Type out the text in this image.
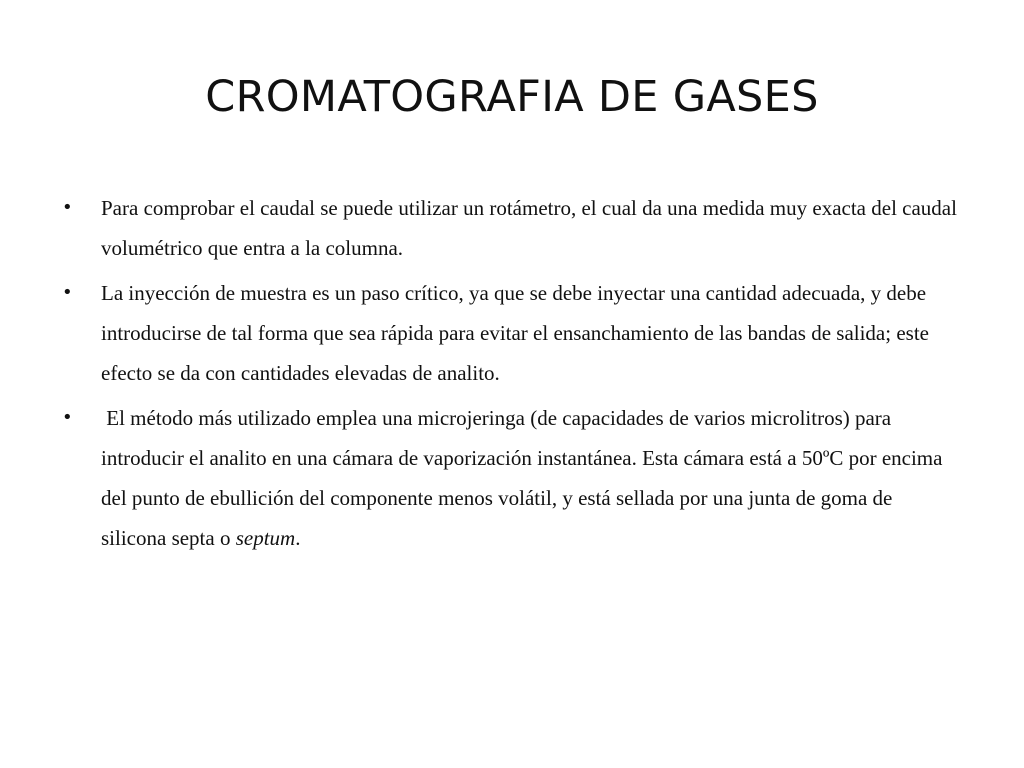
CROMATOGRAFIA DE GASES
• Para comprobar el caudal se puede utilizar un rotámetro, el cual da una medida muy exacta del caudal volumétrico que entra a la columna.
• La inyección de muestra es un paso crítico, ya que se debe inyectar una cantidad adecuada, y debe introducirse de tal forma que sea rápida para evitar el ensanchamiento de las bandas de salida; este efecto se da con cantidades elevadas de analito.
• El método más utilizado emplea una microjeringa (de capacidades de varios microlitros) para introducir el analito en una cámara de vaporización instantánea. Esta cámara está a 50ºC por encima del punto de ebullición del componente menos volátil, y está sellada por una junta de goma de silicona septa o septum.
